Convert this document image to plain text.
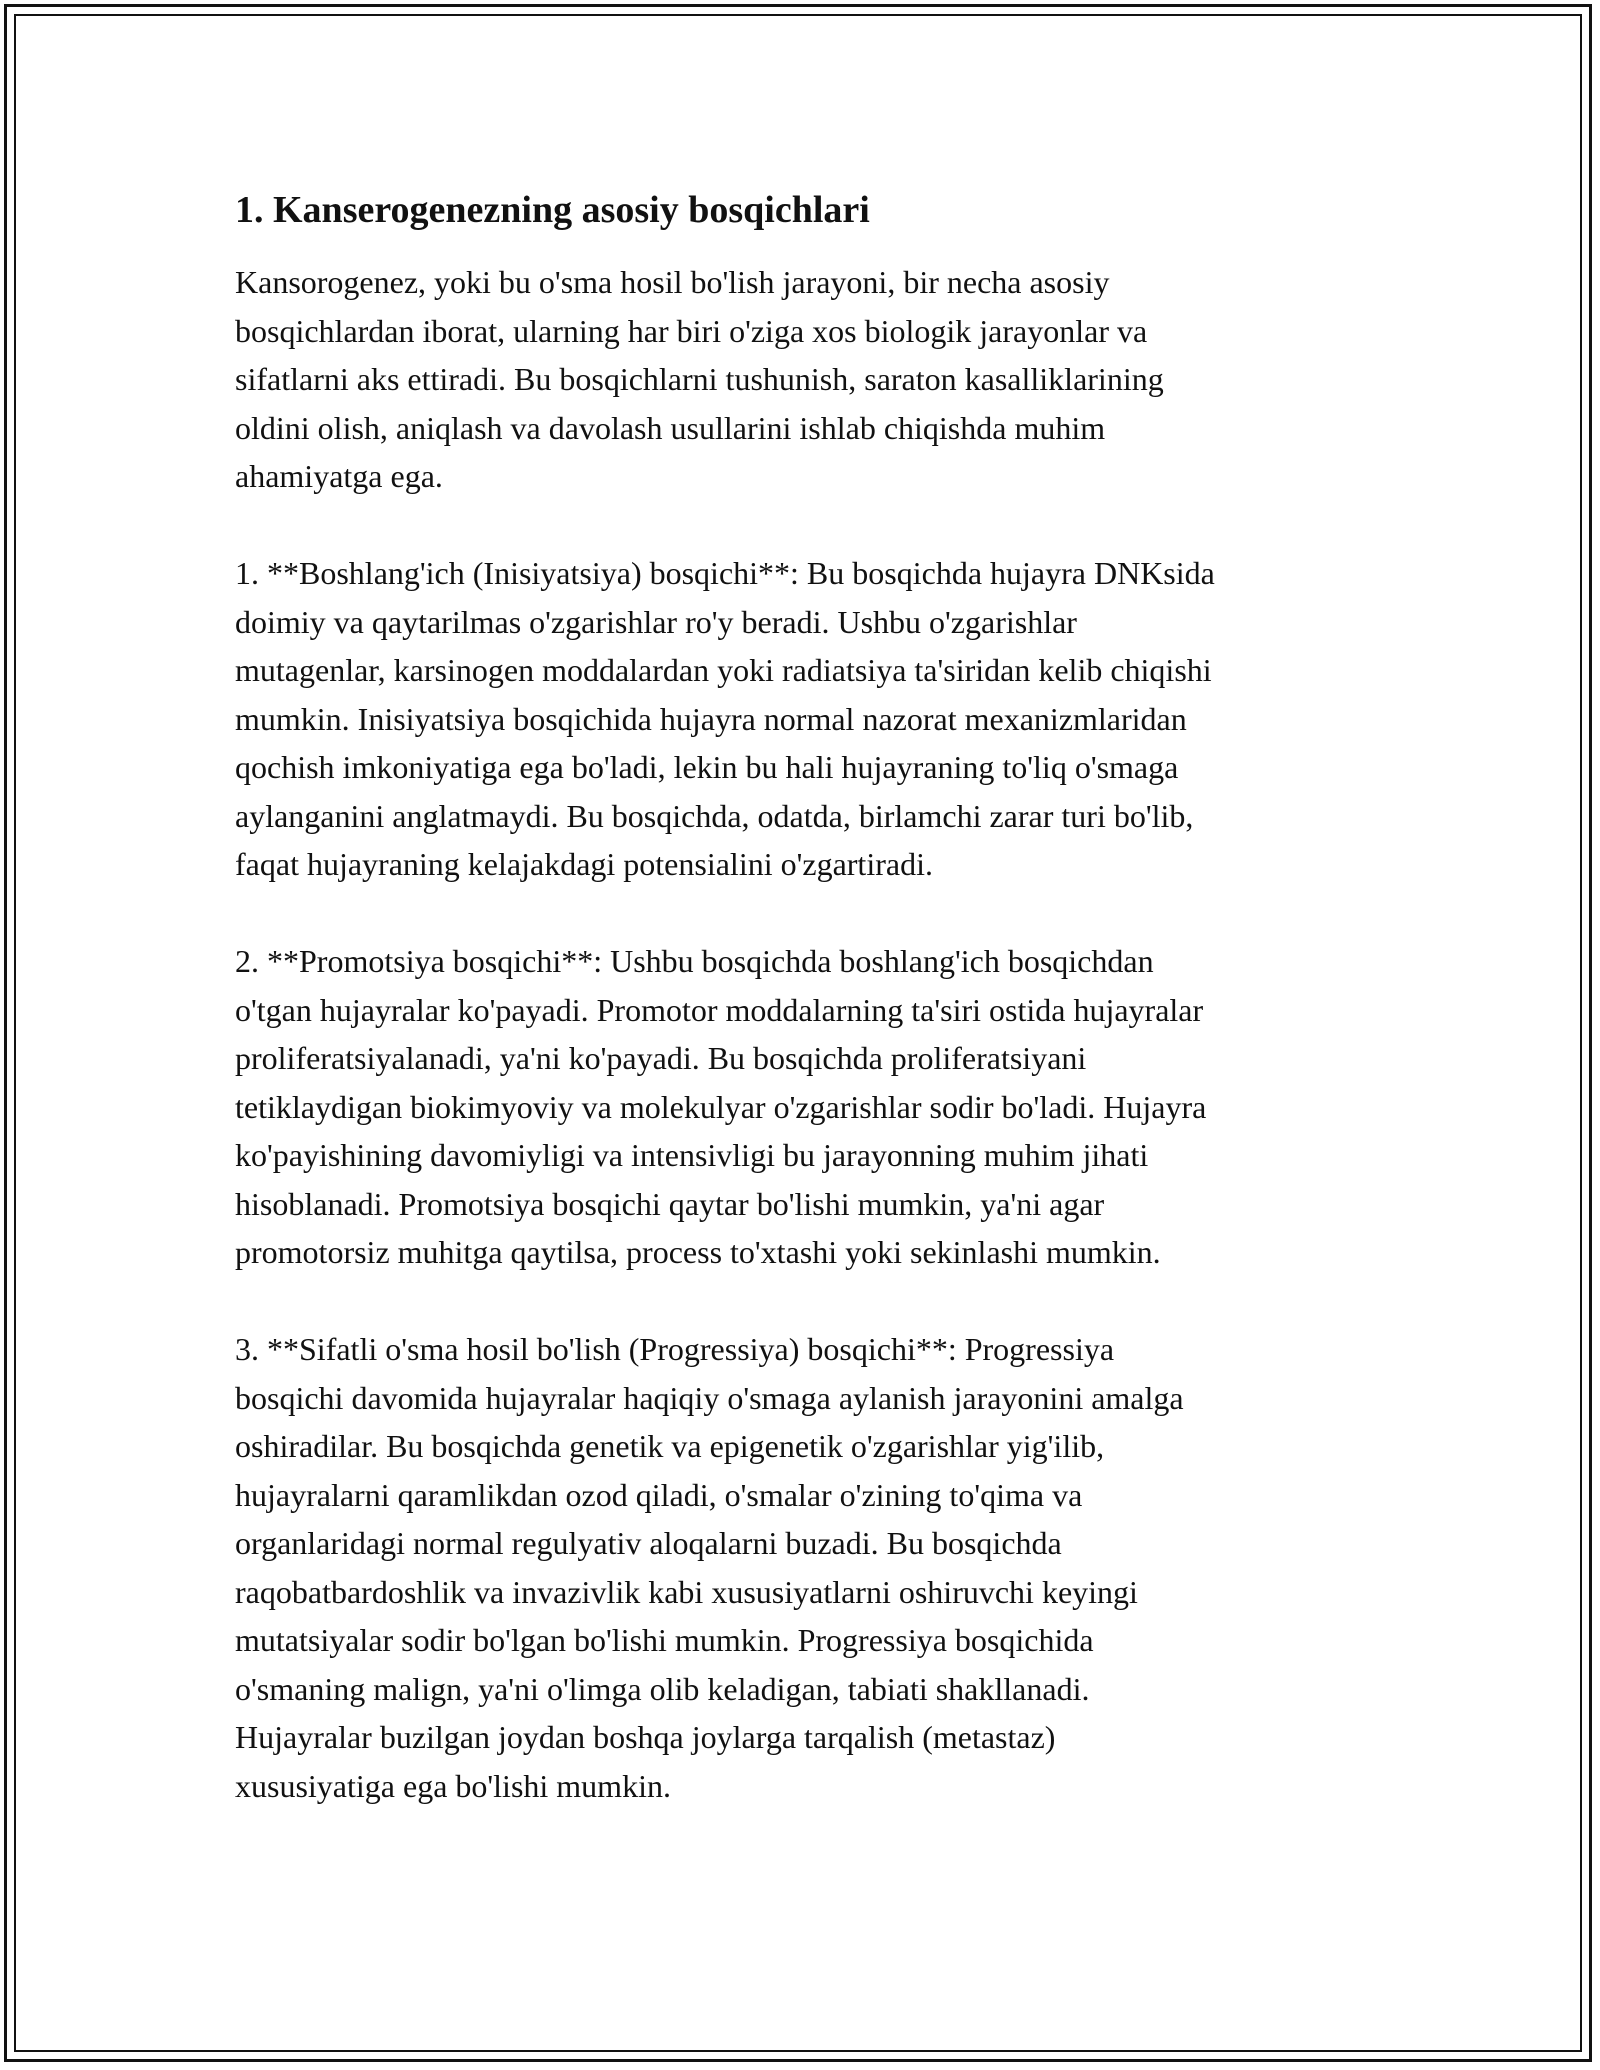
1. Kanserogenezning asosiy bosqichlari

Kansorogenez, yoki bu o'sma hosil bo'lish jarayoni, bir necha asosiy
bosqichlardan iborat, ularning har biri o'ziga xos biologik jarayonlar va
sifatlarni aks ettiradi. Bu bosqichlarni tushunish, saraton kasalliklarining
oldini olish, aniqlash va davolash usullarini ishlab chiqishda muhim
ahamiyatga ega.

1. **Boshlang'ich (Inisiyatsiya) bosqichi**: Bu bosqichda hujayra DNKsida
doimiy va qaytarilmas o'zgarishlar ro'y beradi. Ushbu o'zgarishlar
mutagenlar, karsinogen moddalardan yoki radiatsiya ta'siridan kelib chiqishi
mumkin. Inisiyatsiya bosqichida hujayra normal nazorat mexanizmlaridan
qochish imkoniyatiga ega bo'ladi, lekin bu hali hujayraning to'liq o'smaga
aylanganini anglatmaydi. Bu bosqichda, odatda, birlamchi zarar turi bo'lib,
faqat hujayraning kelajakdagi potensialini o'zgartiradi.

2. **Promotsiya bosqichi**: Ushbu bosqichda boshlang'ich bosqichdan
o'tgan hujayralar ko'payadi. Promotor moddalarning ta'siri ostida hujayralar
proliferatsiyalanadi, ya'ni ko'payadi. Bu bosqichda proliferatsiyani
tetiklaydigan biokimyoviy va molekulyar o'zgarishlar sodir bo'ladi. Hujayra
ko'payishining davomiyligi va intensivligi bu jarayonning muhim jihati
hisoblanadi. Promotsiya bosqichi qaytar bo'lishi mumkin, ya'ni agar
promotorsiz muhitga qaytilsa, process to'xtashi yoki sekinlashi mumkin.

3. **Sifatli o'sma hosil bo'lish (Progressiya) bosqichi**: Progressiya
bosqichi davomida hujayralar haqiqiy o'smaga aylanish jarayonini amalga
oshiradilar. Bu bosqichda genetik va epigenetik o'zgarishlar yig'ilib,
hujayralarni qaramlikdan ozod qiladi, o'smalar o'zining to'qima va
organlaridagi normal regulyativ aloqalarni buzadi. Bu bosqichda
raqobatbardoshlik va invazivlik kabi xususiyatlarni oshiruvchi keyingi
mutatsiyalar sodir bo'lgan bo'lishi mumkin. Progressiya bosqichida
o'smaning malign, ya'ni o'limga olib keladigan, tabiati shakllanadi.
Hujayralar buzilgan joydan boshqa joylarga tarqalish (metastaz)
xususiyatiga ega bo'lishi mumkin.
